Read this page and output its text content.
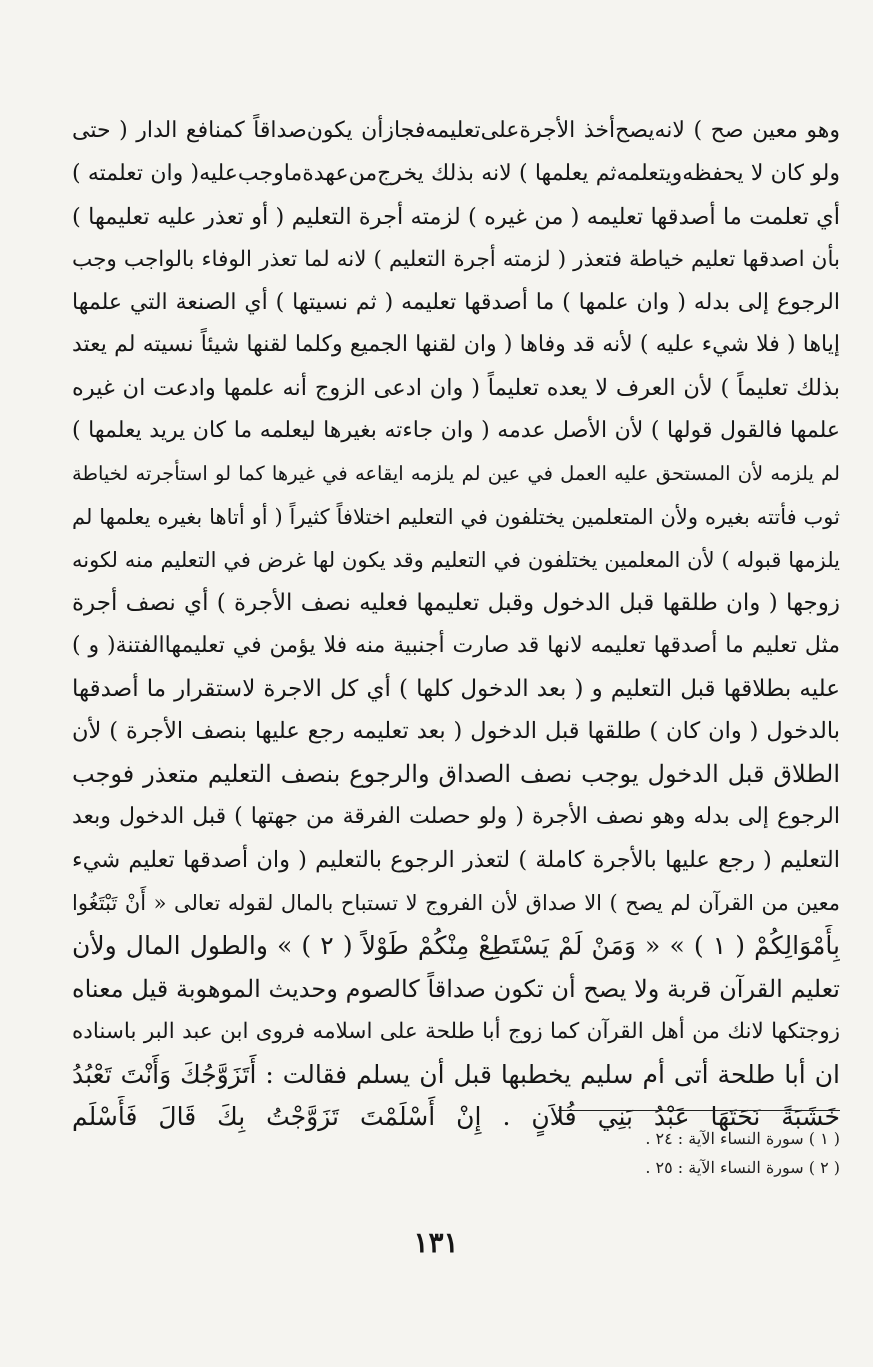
وهو معين صح ) لانه‌يصح‌أخذ الأجرة‌على‌تعليمه‌فجاز‌أن يكون‌صداقاً كمنافع الدار ( حتى
ولو كان لا يحفظه‌ويتعلمه‌ثم يعلمها ) لانه بذلك يخرج‌من‌عهدة‌ماوجب‌عليه( وان تعلمته )
أي تعلمت ما أصدقها تعليمه ( من غيره ) لزمته أجرة التعليم ( أو تعذر عليه تعليمها )
بأن اصدقها تعليم خياطة فتعذر ( لزمته أجرة التعليم ) لانه لما تعذر الوفاء بالواجب وجب
الرجوع إلى بدله ( وان علمها ) ما أصدقها تعليمه ( ثم نسيتها ) أي الصنعة التي علمها
إياها ( فلا شيء عليه ) لأنه قد وفاها ( وان لقنها الجميع وكلما لقنها شيئاً نسيته لم يعتد
بذلك تعليماً ) لأن العرف لا يعده تعليماً ( وان ادعى الزوج أنه علمها وادعت ان غيره
علمها فالقول قولها ) لأن الأصل عدمه ( وان جاءته بغيرها ليعلمه ما كان يريد يعلمها )
لم يلزمه لأن المستحق عليه العمل في عين لم يلزمه ايقاعه في غيرها كما لو استأجرته لخياطة
ثوب فأتته بغيره ولأن المتعلمين يختلفون في التعليم اختلافاً كثيراً ( أو أتاها بغيره يعلمها لم
يلزمها قبوله ) لأن المعلمين يختلفون في التعليم وقد يكون لها غرض في التعليم منه لكونه
زوجها ( وان طلقها قبل الدخول وقبل تعليمها فعليه نصف الأجرة ) أي نصف أجرة
مثل تعليم ما أصدقها تعليمه لانها قد صارت أجنبية منه فلا يؤمن في تعليمهاالفتنة( و )
عليه بطلاقها قبل التعليم و ( بعد الدخول كلها ) أي كل الاجرة لاستقرار ما أصدقها
بالدخول ( وان كان ) طلقها قبل الدخول ( بعد تعليمه رجع عليها بنصف الأجرة ) لأن
الطلاق قبل الدخول يوجب نصف الصداق والرجوع بنصف التعليم متعذر فوجب
الرجوع إلى بدله وهو نصف الأجرة ( ولو حصلت الفرقة من جهتها ) قبل الدخول وبعد
التعليم ( رجع عليها بالأجرة كاملة ) لتعذر الرجوع بالتعليم ( وان أصدقها تعليم شيء
معين من القرآن لم يصح ) الا صداق لأن الفروج لا تستباح بالمال لقوله تعالى « أَنْ تَبْتَغُوا
بِأَمْوَالِكُمْ ( ١ ) » « وَمَنْ لَمْ يَسْتَطِعْ مِنْكُمْ طَوْلاً ( ٢ ) » والطول المال ولأن
تعليم القرآن قربة ولا يصح أن تكون صداقاً كالصوم وحديث الموهوبة قيل معناه
زوجتكها لانك من أهل القرآن كما زوج أبا طلحة على اسلامه فروى ابن عبد البر باسناده
ان أبا طلحة أتى أم سليم يخطبها قبل أن يسلم فقالت : أَتَزَوَّجُكَ وَأَنْتَ تَعْبُدُ
خَشَبَةً نَحَتَهَا عَبْدُ بَنِي فُلاَنٍ . إِنْ أَسْلَمْتَ تَزَوَّجْتُ بِكَ قَالَ فَأَسْلَم
( ١ ) سورة النساء الآية : ٢٤ .
( ٢ ) سورة النساء الآية : ٢٥ .
١٣١
